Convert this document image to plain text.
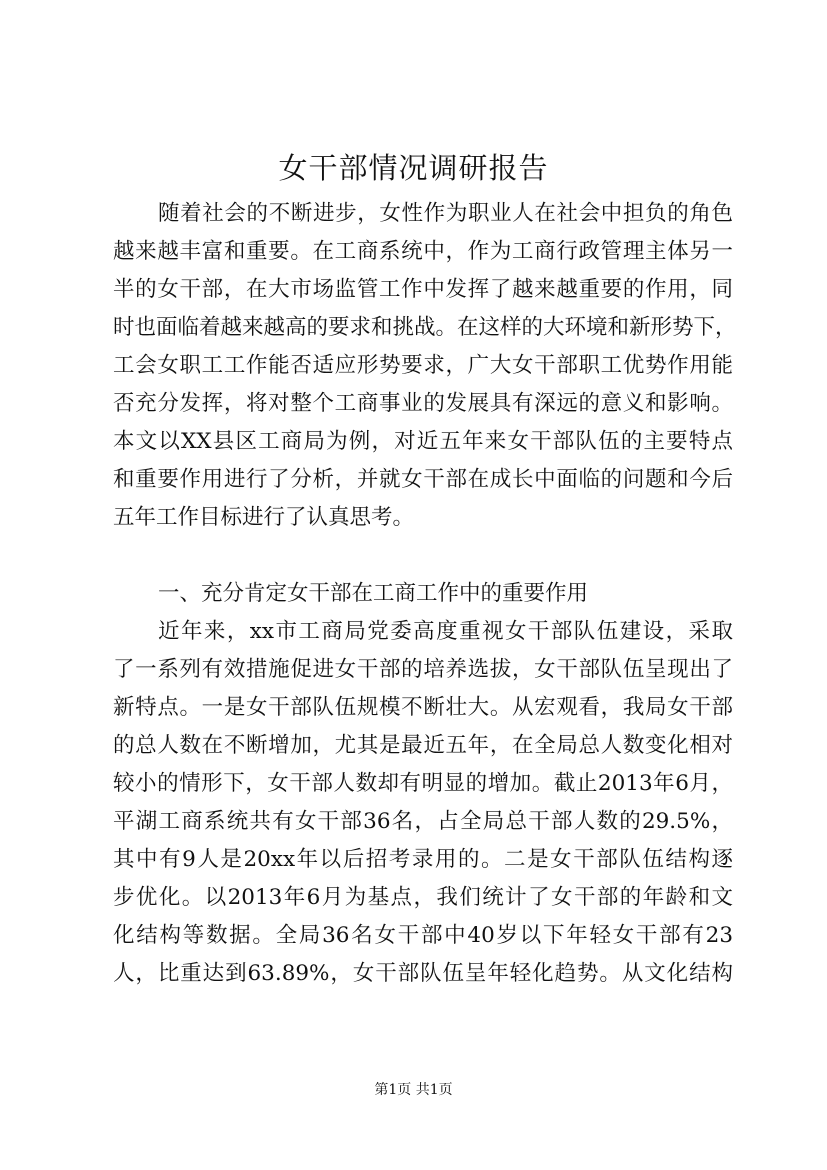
女干部情况调研报告
随着社会的不断进步，女性作为职业人在社会中担负的角色
越来越丰富和重要。在工商系统中，作为工商行政管理主体另一
半的女干部，在大市场监管工作中发挥了越来越重要的作用，同
时也面临着越来越高的要求和挑战。在这样的大环境和新形势下，
工会女职工工作能否适应形势要求，广大女干部职工优势作用能
否充分发挥，将对整个工商事业的发展具有深远的意义和影响。
本文以XX县区工商局为例，对近五年来女干部队伍的主要特点
和重要作用进行了分析，并就女干部在成长中面临的问题和今后
五年工作目标进行了认真思考。
一、充分肯定女干部在工商工作中的重要作用
近年来，xx市工商局党委高度重视女干部队伍建设，采取
了一系列有效措施促进女干部的培养选拔，女干部队伍呈现出了
新特点。一是女干部队伍规模不断壮大。从宏观看，我局女干部
的总人数在不断增加，尤其是最近五年，在全局总人数变化相对
较小的情形下，女干部人数却有明显的增加。截止2013年6月，
平湖工商系统共有女干部36名，占全局总干部人数的29.5%，
其中有9人是20xx年以后招考录用的。二是女干部队伍结构逐
步优化。以2013年6月为基点，我们统计了女干部的年龄和文
化结构等数据。全局36名女干部中40岁以下年轻女干部有23
人，比重达到63.89%，女干部队伍呈年轻化趋势。从文化结构
第1页 共1页
